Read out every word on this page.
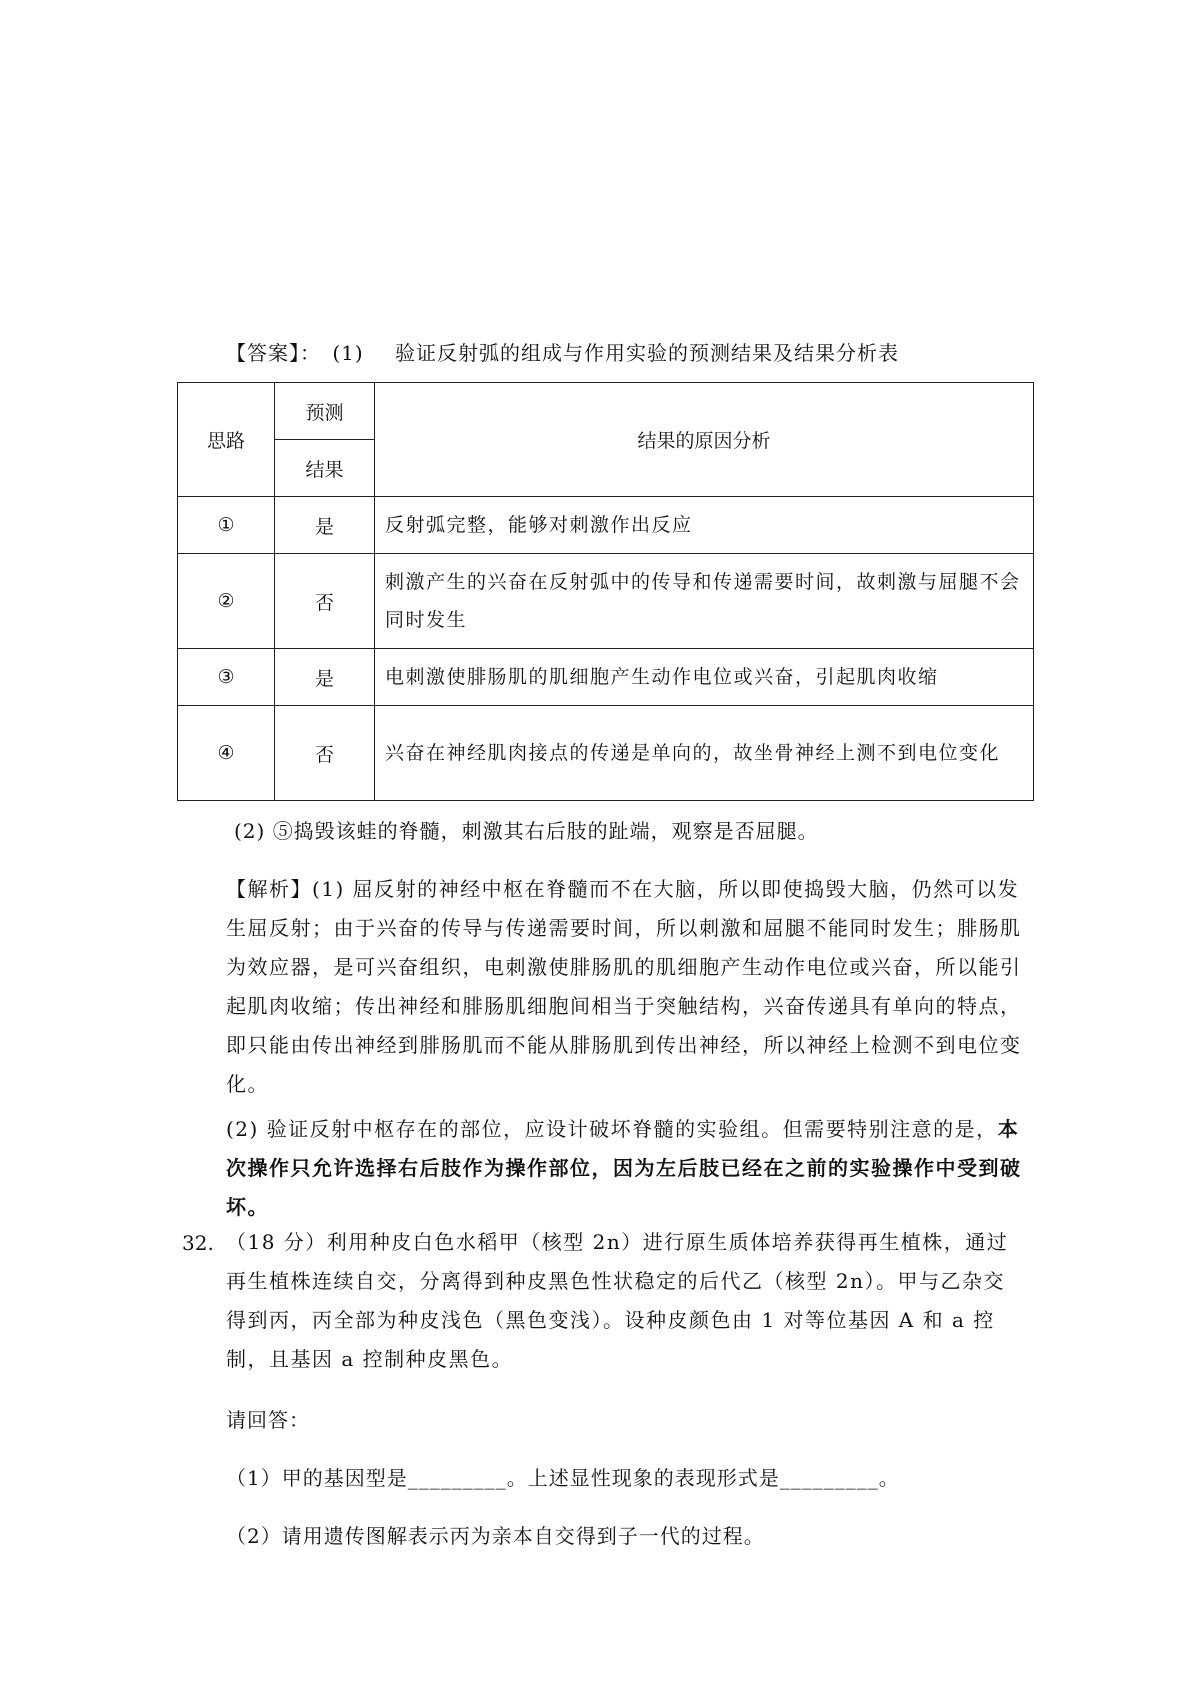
【答案】： (1) 验证反射弧的组成与作用实验的预测结果及结果分析表
思路	预测	结果的原因分析
	结果	
①	是	反射弧完整，能够对刺激作出反应
②	否	刺激产生的兴奋在反射弧中的传导和传递需要时间，故刺激与屈腿不会同时发生
③	是	电刺激使腓肠肌的肌细胞产生动作电位或兴奋，引起肌肉收缩
④	否	兴奋在神经肌肉接点的传递是单向的，故坐骨神经上测不到电位变化
(2) ⑤捣毁该蛙的脊髓，刺激其右后肢的趾端，观察是否屈腿。
【解析】(1) 屈反射的神经中枢在脊髓而不在大脑，所以即使捣毁大脑，仍然可以发生屈反射；由于兴奋的传导与传递需要时间，所以刺激和屈腿不能同时发生；腓肠肌为效应器，是可兴奋组织，电刺激使腓肠肌的肌细胞产生动作电位或兴奋，所以能引起肌肉收缩；传出神经和腓肠肌细胞间相当于突触结构，兴奋传递具有单向的特点，即只能由传出神经到腓肠肌而不能从腓肠肌到传出神经，所以神经上检测不到电位变化。
(2) 验证反射中枢存在的部位，应设计破坏脊髓的实验组。但需要特别注意的是，本次操作只允许选择右后肢作为操作部位，因为左后肢已经在之前的实验操作中受到破坏。
32. （18 分）利用种皮白色水稻甲（核型 2n）进行原生质体培养获得再生植株，通过再生植株连续自交，分离得到种皮黑色性状稳定的后代乙（核型 2n）。甲与乙杂交得到丙，丙全部为种皮浅色（黑色变浅）。设种皮颜色由 1 对等位基因 A 和 a 控制，且基因 a 控制种皮黑色。
请回答：
（1）甲的基因型是_________。上述显性现象的表现形式是_________。
（2）请用遗传图解表示丙为亲本自交得到子一代的过程。
